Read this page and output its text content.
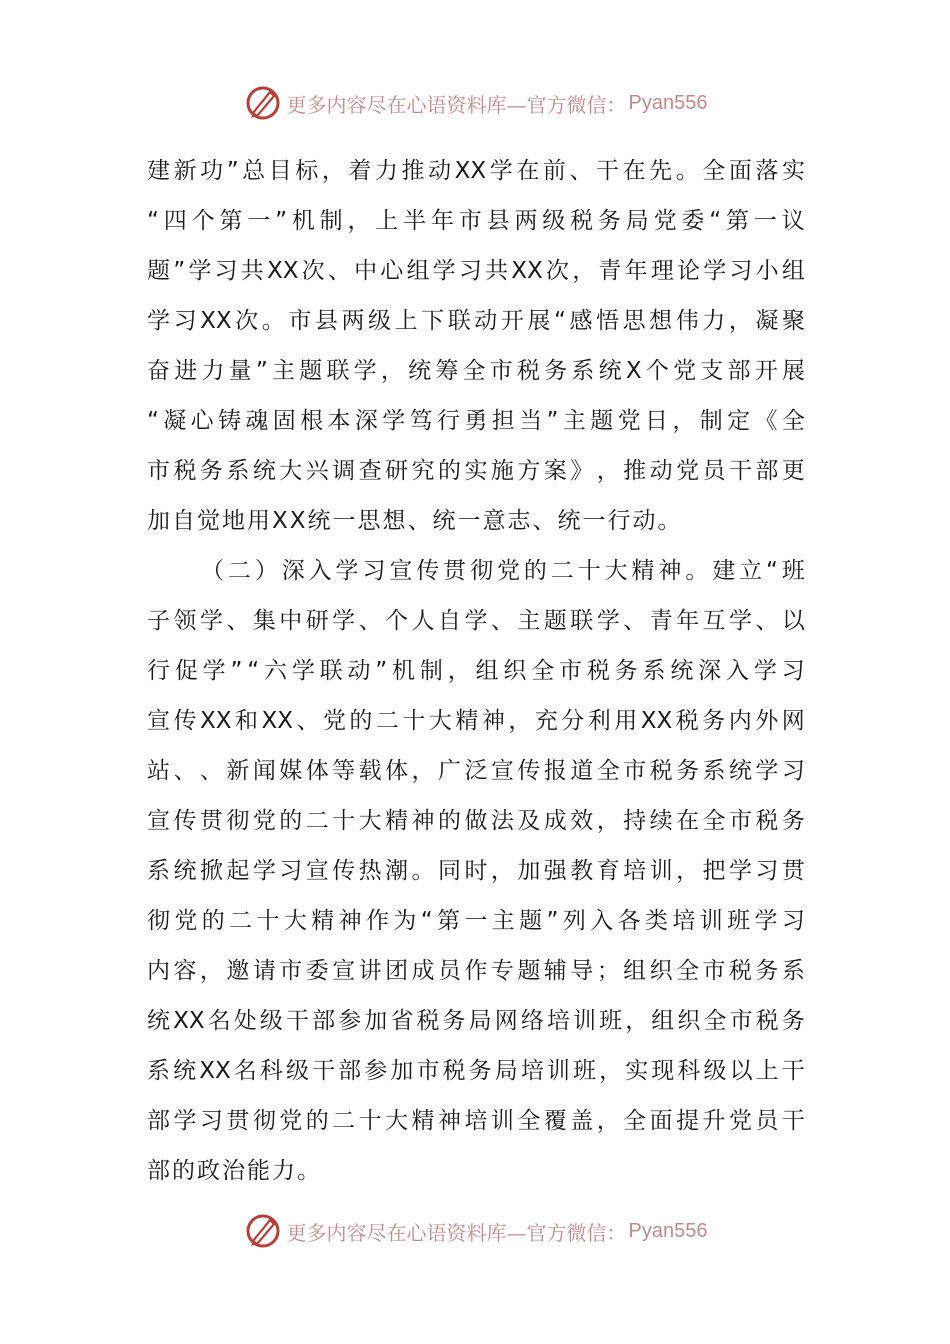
更多内容尽在心语资料库—官方微信： Pyan556
建 新 功 ” 总 目 标 ， 着 力 推 动 XX 学 在 前 、 干 在 先 。 全 面 落 实
“ 四 个 第 一 ” 机 制 ， 上 半 年 市 县 两 级 税 务 局 党 委 “ 第 一 议
题 ” 学 习 共 XX 次 、 中 心 组 学 习 共 XX 次 ， 青 年 理 论 学 习 小 组
学 习 XX 次 。 市 县 两 级 上 下 联 动 开 展 “ 感 悟 思 想 伟 力 ， 凝 聚
奋 进 力 量 ” 主 题 联 学 ， 统 筹 全 市 税 务 系 统 X 个 党 支 部 开 展
“ 凝 心 铸 魂 固 根 本 深 学 笃 行 勇 担 当 ” 主 题 党 日 ， 制 定 《 全
市 税 务 系 统 大 兴 调 查 研 究 的 实 施 方 案 》 ， 推 动 党 员 干 部 更
加 自 觉 地 用 XX 统 一 思 想 、 统 一 意 志 、 统 一 行 动 。
（ 二 ） 深 入 学 习 宣 传 贯 彻 党 的 二 十 大 精 神 。 建 立 “ 班
子 领 学 、 集 中 研 学 、 个 人 自 学 、 主 题 联 学 、 青 年 互 学 、 以
行 促 学 ” “ 六 学 联 动 ” 机 制 ， 组 织 全 市 税 务 系 统 深 入 学 习
宣 传 XX 和 XX 、 党 的 二 十 大 精 神 ， 充 分 利 用 XX 税 务 内 外 网
站 、 、 新 闻 媒 体 等 载 体 ， 广 泛 宣 传 报 道 全 市 税 务 系 统 学 习
宣 传 贯 彻 党 的 二 十 大 精 神 的 做 法 及 成 效 ， 持 续 在 全 市 税 务
系 统 掀 起 学 习 宣 传 热 潮 。 同 时 ， 加 强 教 育 培 训 ， 把 学 习 贯
彻 党 的 二 十 大 精 神 作 为 “ 第 一 主 题 ” 列 入 各 类 培 训 班 学 习
内 容 ， 邀 请 市 委 宣 讲 团 成 员 作 专 题 辅 导 ； 组 织 全 市 税 务 系
统 XX 名 处 级 干 部 参 加 省 税 务 局 网 络 培 训 班 ， 组 织 全 市 税 务
系 统 XX 名 科 级 干 部 参 加 市 税 务 局 培 训 班 ， 实 现 科 级 以 上 干
部 学 习 贯 彻 党 的 二 十 大 精 神 培 训 全 覆 盖 ， 全 面 提 升 党 员 干
部 的 政 治 能 力 。
更多内容尽在心语资料库—官方微信： Pyan556
